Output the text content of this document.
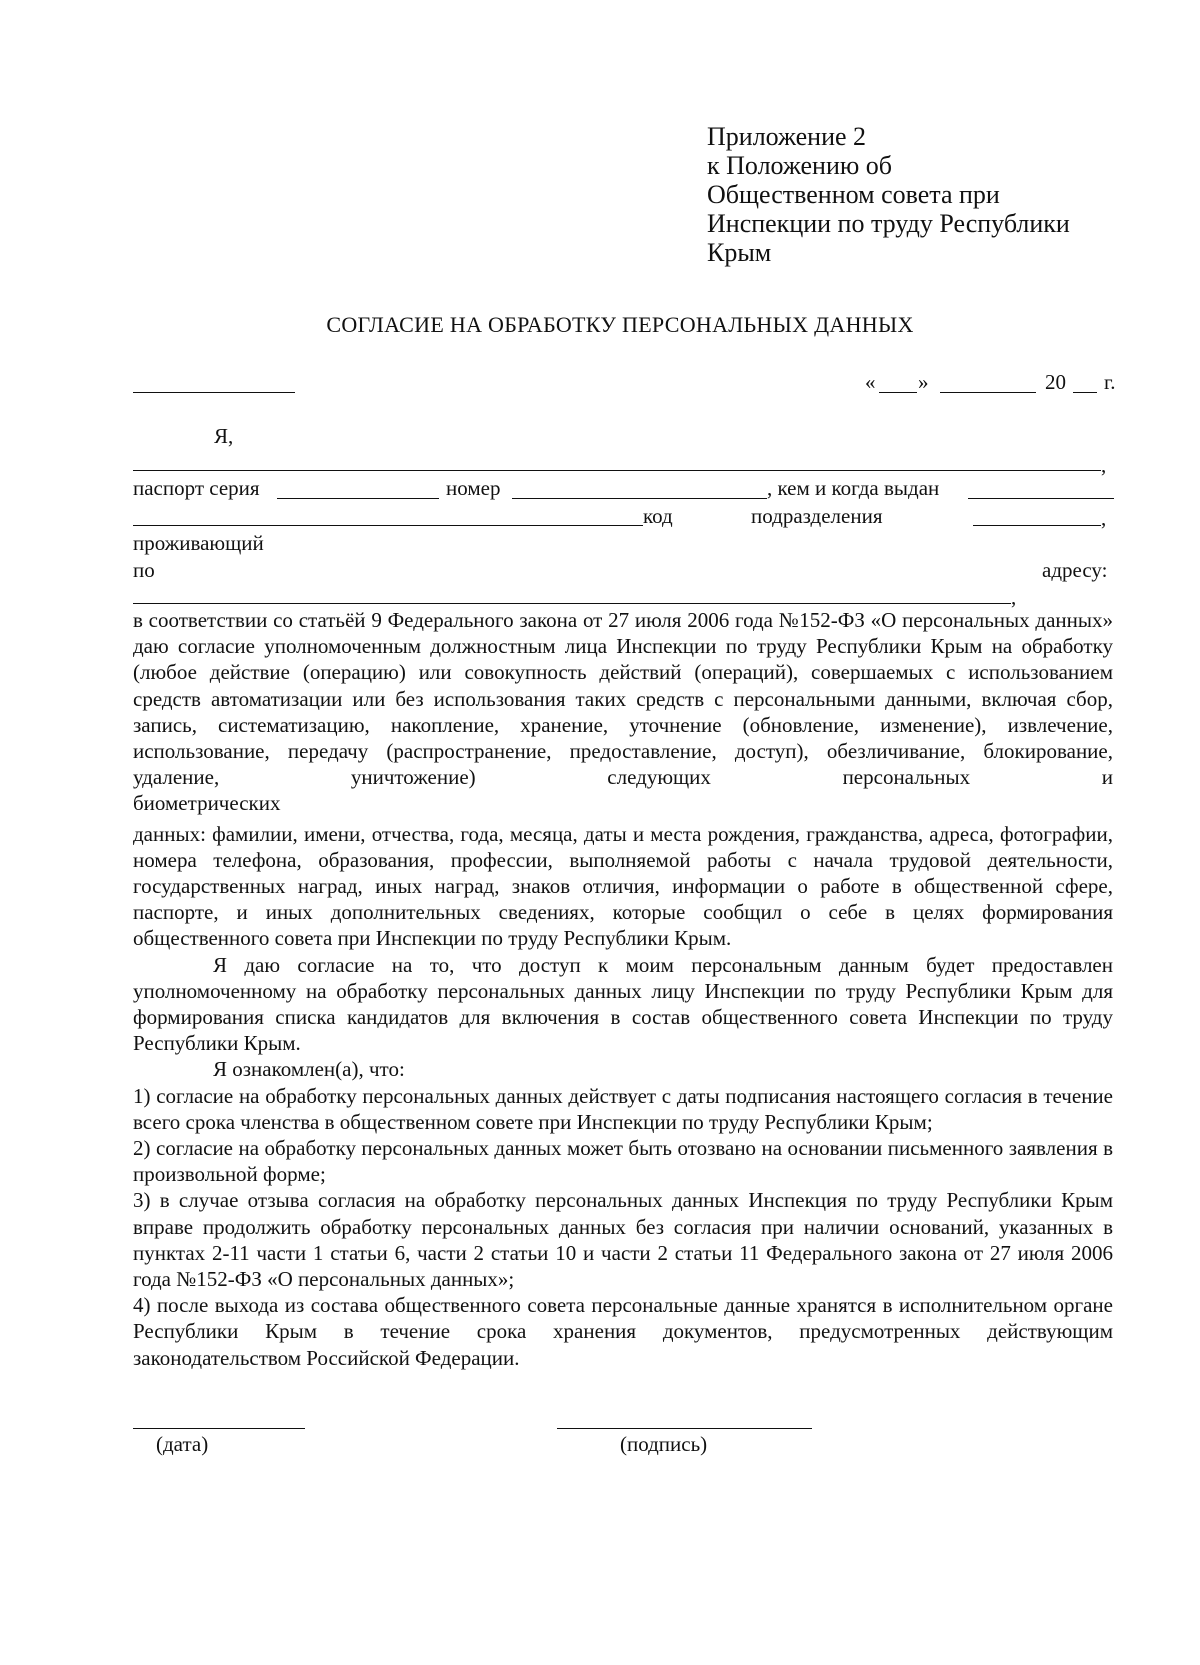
Приложение 2
к Положению об
Общественном совета при
Инспекции по труду Республики
Крым
СОГЛАСИЕ НА ОБРАБОТКУ ПЕРСОНАЛЬНЫХ ДАННЫХ
« »	20 г.
Я,
,
паспорт серия	номер	, кем и когда выдан
код	подразделения	,
проживающий
по	адресу:
,

в соответствии со статьёй 9 Федерального закона от 27 июля 2006 года №152-ФЗ «О персональных данных» даю согласие уполномоченным должностным лица Инспекции по труду Республики Крым на обработку (любое действие (операцию) или совокупность действий (операций), совершаемых с использованием средств автоматизации или без использования таких средств с персональными данными, включая сбор, запись, систематизацию, накопление, хранение, уточнение (обновление, изменение), извлечение, использование, передачу (распространение, предоставление, доступ), обезличивание, блокирование, удаление, уничтожение) следующих персональных и

биометрических

данных: фамилии, имени, отчества, года, месяца, даты и места рождения, гражданства, адреса, фотографии, номера телефона, образования, профессии, выполняемой работы с начала трудовой деятельности, государственных наград, иных наград, знаков отличия, информации о работе в общественной сфере, паспорте, и иных дополнительных сведениях, которые сообщил о себе в целях формирования общественного совета при Инспекции по труду Республики Крым.

Я даю согласие на то, что доступ к моим персональным данным будет предоставлен уполномоченному на обработку персональных данных лицу Инспекции по труду Республики Крым для формирования списка кандидатов для включения в состав общественного совета Инспекции по труду Республики Крым.

Я ознакомлен(а), что:

1) согласие на обработку персональных данных действует с даты подписания настоящего согласия в течение всего срока членства в общественном совете при Инспекции по труду Республики Крым;

2) согласие на обработку персональных данных может быть отозвано на основании письменного заявления в произвольной форме;

3) в случае отзыва согласия на обработку персональных данных Инспекция по труду Республики Крым вправе продолжить обработку персональных данных без согласия при наличии оснований, указанных в пунктах 2-11 части 1 статьи 6, части 2 статьи 10 и части 2 статьи 11 Федерального закона от 27 июля 2006 года №152-ФЗ «О персональных данных»;

4) после выхода из состава общественного совета персональные данные хранятся в исполнительном органе Республики Крым в течение срока хранения документов, предусмотренных действующим законодательством Российской Федерации.

(дата)	(подпись)
